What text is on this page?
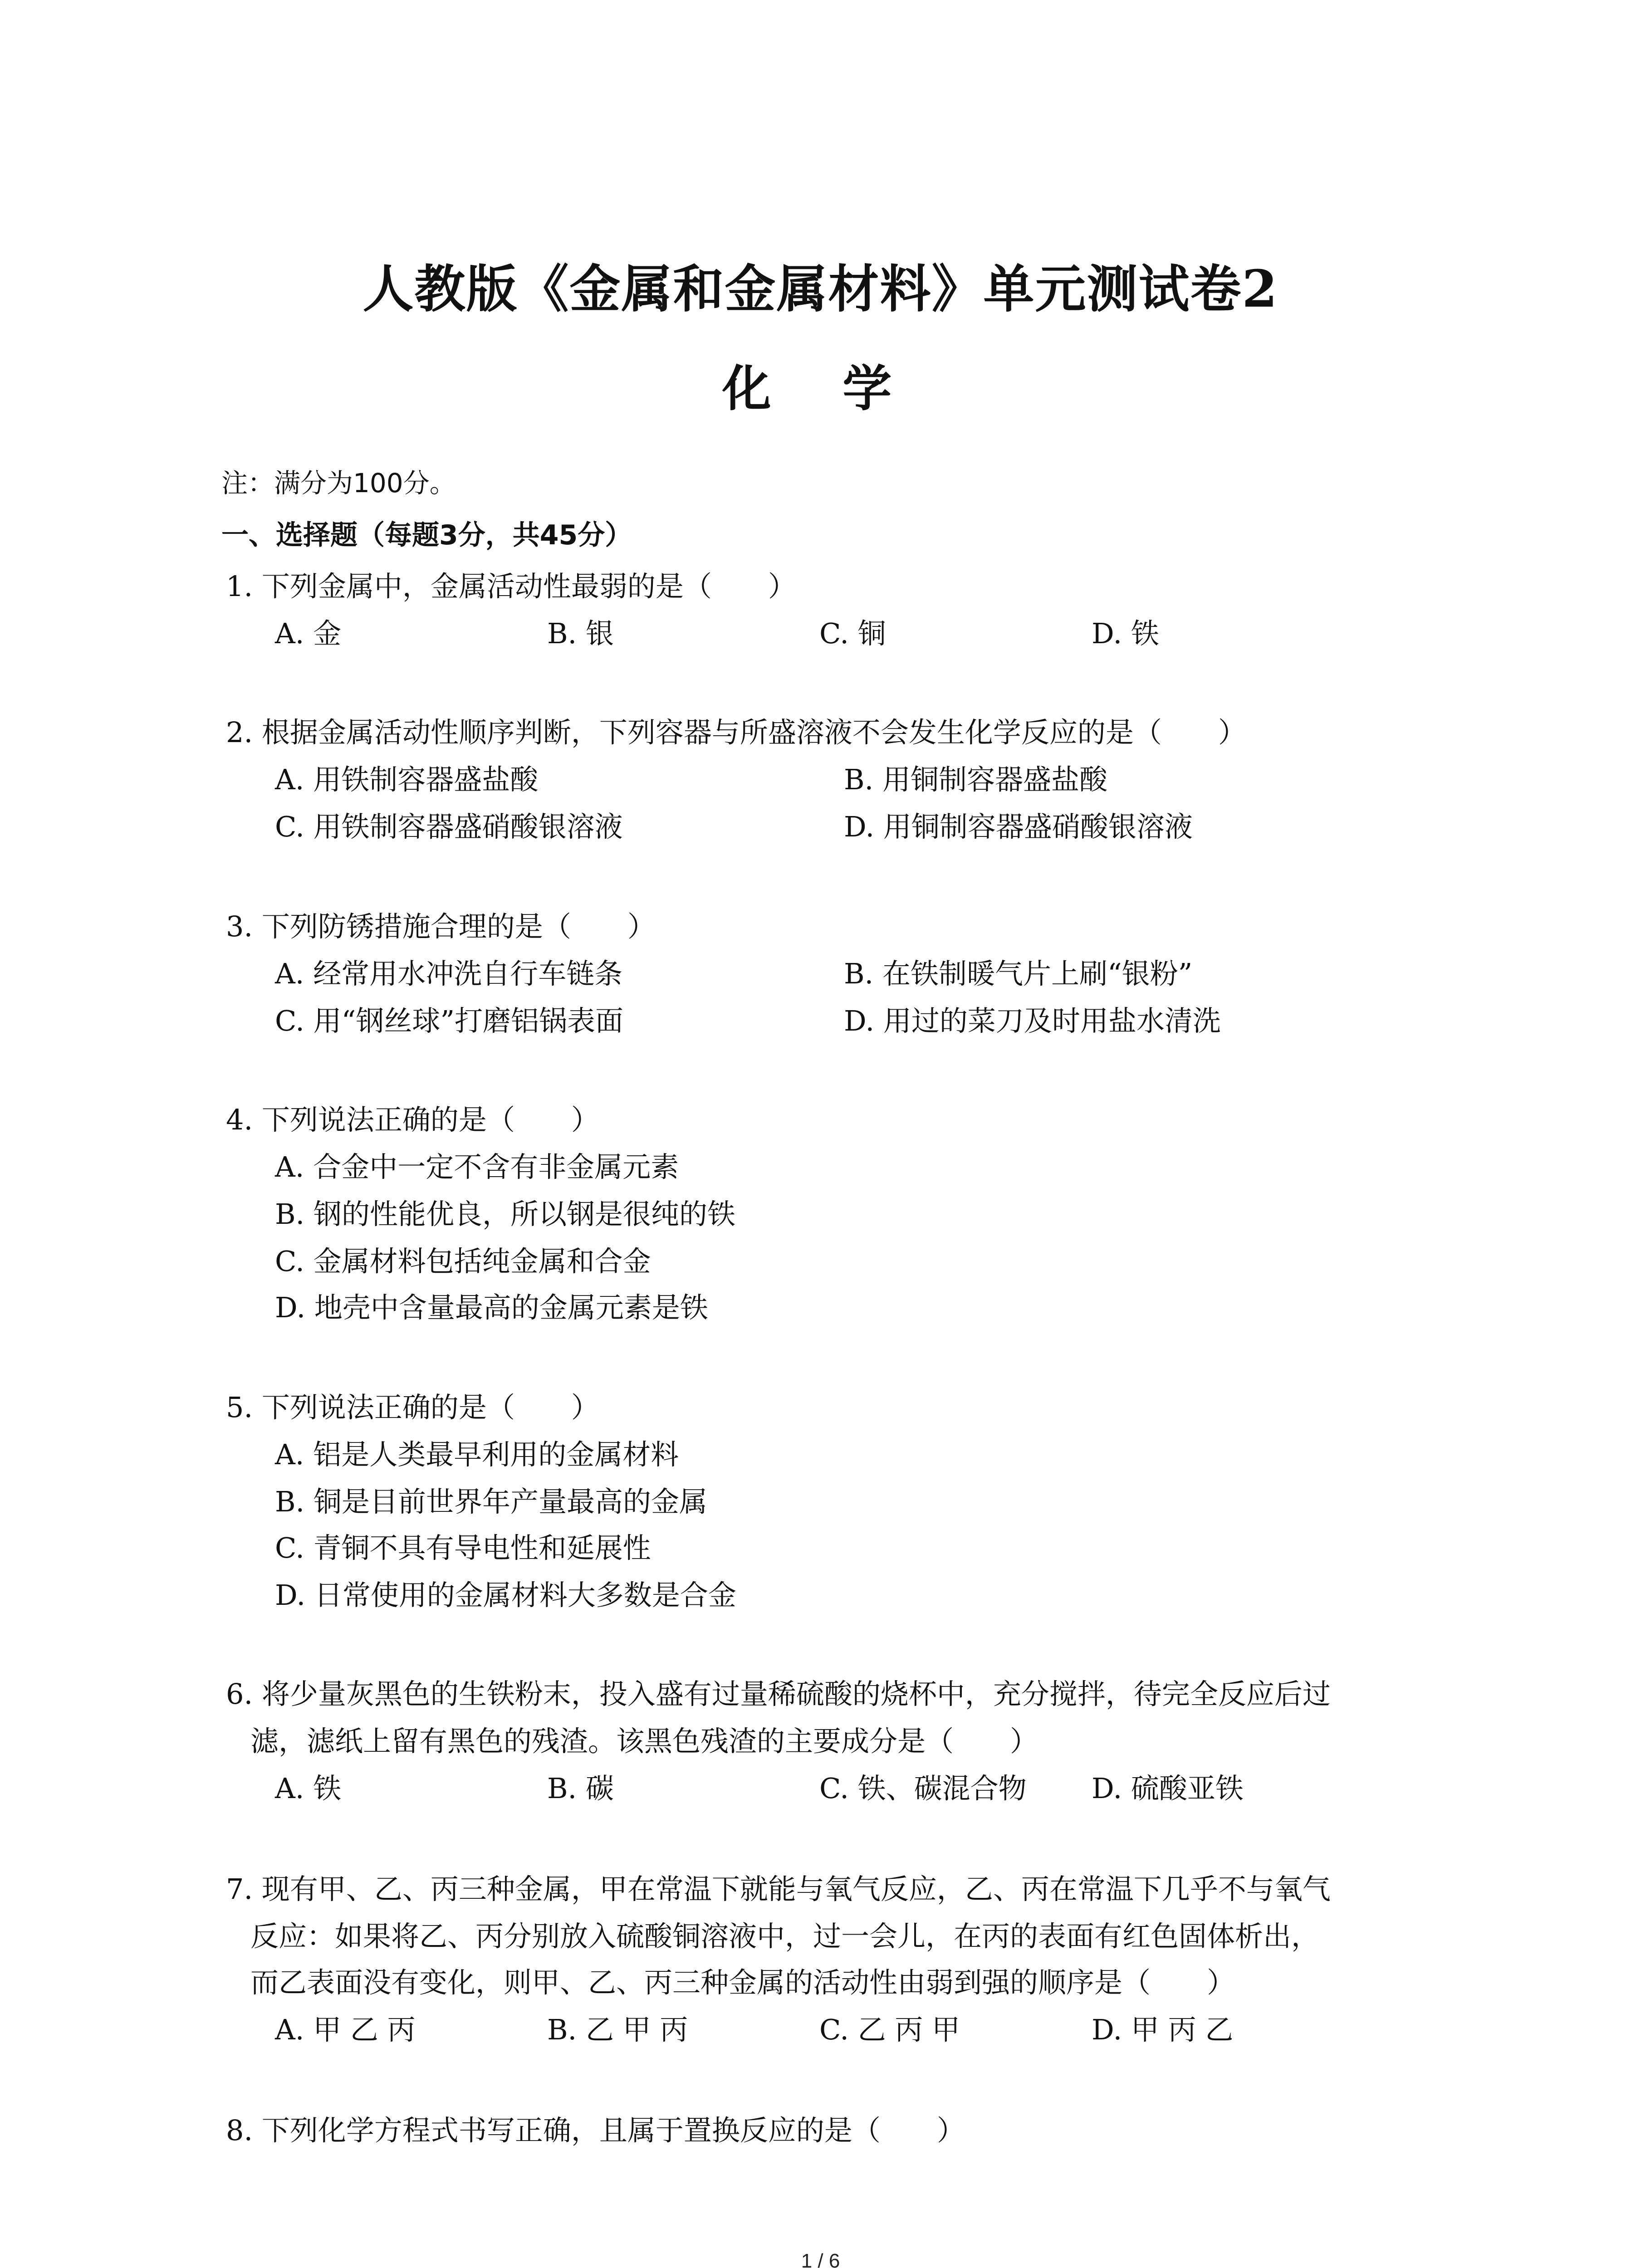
人教版《金属和金属材料》单元测试卷2
化 学
注：满分为100分。
一、选择题（每题3分，共45分）
1. 下列金属中，金属活动性最弱的是（　　）
A. 金	B. 银	C. 铜	D. 铁
2. 根据金属活动性顺序判断，下列容器与所盛溶液不会发生化学反应的是（　　）
A. 用铁制容器盛盐酸	B. 用铜制容器盛盐酸
C. 用铁制容器盛硝酸银溶液	D. 用铜制容器盛硝酸银溶液
3. 下列防锈措施合理的是（　　）
A. 经常用水冲洗自行车链条	B. 在铁制暖气片上刷“银粉”
C. 用“钢丝球”打磨铝锅表面	D. 用过的菜刀及时用盐水清洗
4. 下列说法正确的是（　　）
A. 合金中一定不含有非金属元素
B. 钢的性能优良，所以钢是很纯的铁
C. 金属材料包括纯金属和合金
D. 地壳中含量最高的金属元素是铁
5. 下列说法正确的是（　　）
A. 铝是人类最早利用的金属材料
B. 铜是目前世界年产量最高的金属
C. 青铜不具有导电性和延展性
D. 日常使用的金属材料大多数是合金
6. 将少量灰黑色的生铁粉末，投入盛有过量稀硫酸的烧杯中，充分搅拌，待完全反应后过
滤，滤纸上留有黑色的残渣。该黑色残渣的主要成分是（　　）
A. 铁	B. 碳	C. 铁、碳混合物 D. 硫酸亚铁
7. 现有甲、乙、丙三种金属，甲在常温下就能与氧气反应，乙、丙在常温下几乎不与氧气
反应：如果将乙、丙分别放入硫酸铜溶液中，过一会儿，在丙的表面有红色固体析出，
而乙表面没有变化，则甲、乙、丙三种金属的活动性由弱到强的顺序是（　　）
A. 甲 乙 丙	B. 乙 甲 丙	C. 乙 丙 甲	D. 甲 丙 乙
8. 下列化学方程式书写正确，且属于置换反应的是（　　）
1 / 6
